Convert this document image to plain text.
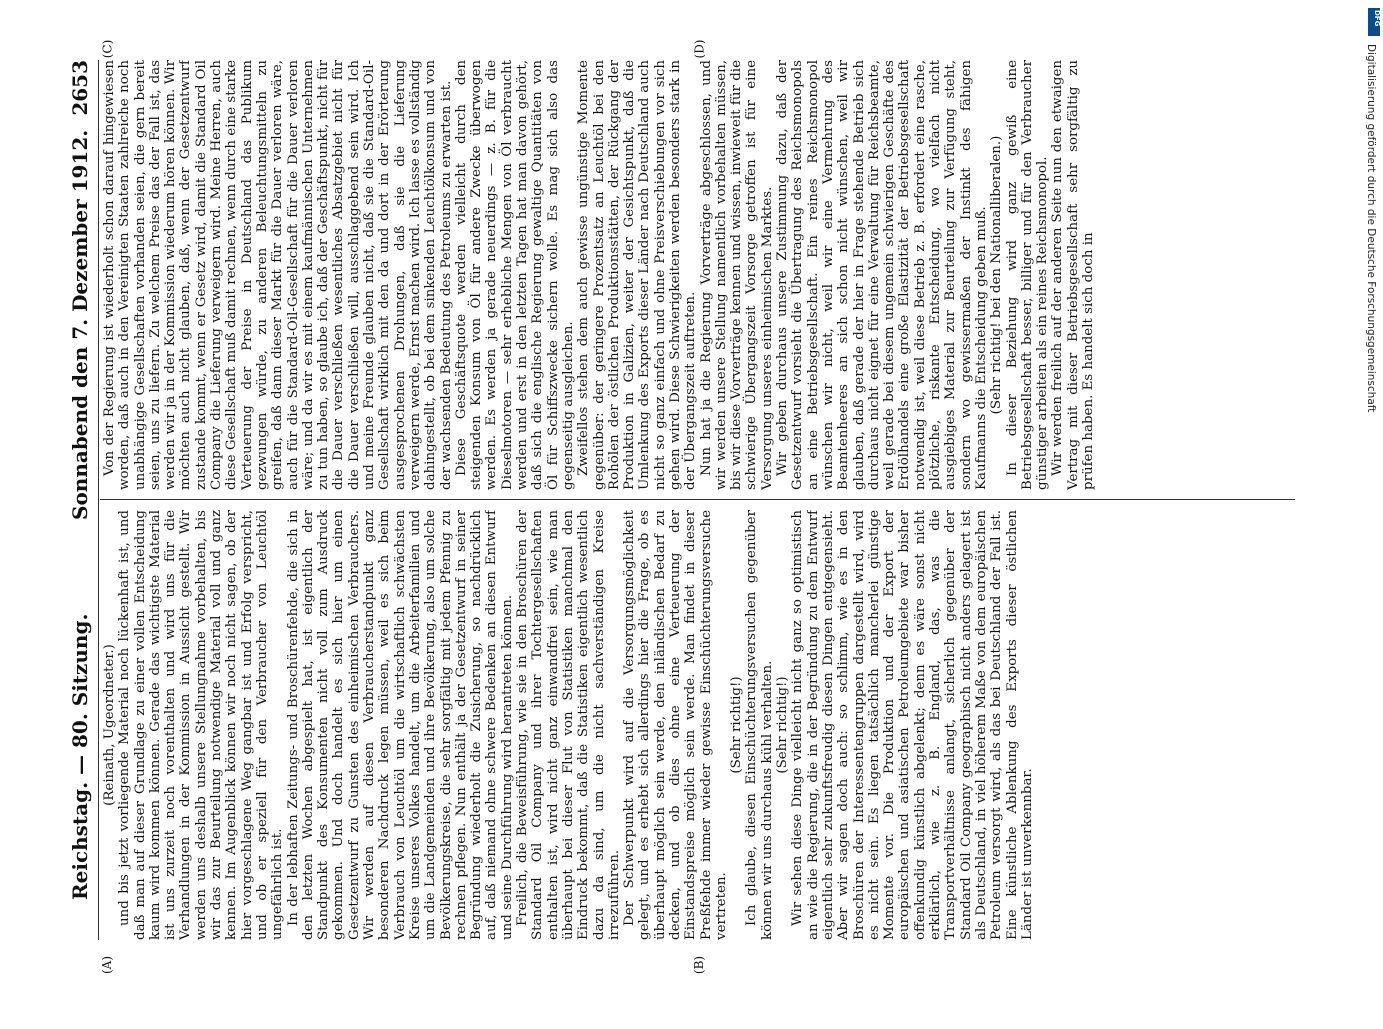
Reichstag. — 80. Sitzung.
Sonnabend den 7. Dezember 1912.
2653

(Reinath, Ugeordneter.) und bis jetzt vorliegende Material noch lückenhaft ist, und daß man auf dieser Grundlage zu einer vollen Entscheidung kaum wird kommen können. Gerade das wichtigste Material ist uns zurzeit noch vorenthalten und wird uns für die Verhandlungen in der Kommission in Aussicht gestellt. Wir werden uns deshalb unsere Stellungnahme vorbehalten, bis wir das zur Beurteilung notwendige Material voll und ganz kennen. Im Augenblick können wir noch nicht sagen, ob der hier vorgeschlagene Weg gangbar ist und Erfolg verspricht, und ob er speziell für den Verbraucher von Leuchtöl ungefährlich ist. In der lebhaften Zeitungs- und Broschürenfehde, die sich in den letzten Wochen abgespielt hat, ist eigentlich der Standpunkt des Konsumenten nicht voll zum Ausdruck gekommen. Und doch handelt es sich hier um einen Gesetzentwurf zu Gunsten des einheimischen Verbrauchers. Wir werden auf diesen Verbraucherstandpunkt ganz besonderen Nachdruck legen müssen, weil es sich beim Verbrauch von Leuchtöl um die wirtschaftlich schwächsten Kreise unseres Volkes handelt, um die Arbeiterfamilien und um die Landgemeinden und ihre Bevölkerung, also um solche Bevölkerungskreise, die sehr sorgfältig mit jedem Pfennig zu rechnen pflegen. Nun enthält ja der Gesetzentwurf in seiner Begründung wiederholt die Zusicherung, so nachdrücklich auf, daß niemand ohne schwere Bedenken an diesen Entwurf und seine Durchführung wird herantreten können. Freilich, die Beweisführung, wie sie in den Broschüren der Standard Oil Company und ihrer Tochtergesellschaften enthalten ist, wird nicht ganz einwandfrei sein, wie man überhaupt bei dieser Flut von Statistiken manchmal den Eindruck bekommt, daß die Statistiken eigentlich wesentlich dazu da sind, um die nicht sachverständigen Kreise irrezuführen. Der Schwerpunkt wird auf die Versorgungsmöglichkeit gelegt, und es erhebt sich allerdings hier die Frage, ob es überhaupt möglich sein werde, den inländischen Bedarf zu decken, und ob dies ohne eine Verteuerung der Einstandspreise möglich sein werde. Man findet in dieser Preßfehde immer wieder gewisse Einschüchterungsversuche vertreten.

(Sehr richtig!) Ich glaube, diesen Einschüchterungsversuchen gegenüber können wir uns durchaus kühl verhalten. (Sehr richtig!) Wir sehen diese Dinge vielleicht nicht ganz so optimistisch an wie die Regierung, die in der Begründung zu dem Entwurf eigentlich sehr zukunftsfreudig diesen Dingen entgegensieht. Aber wir sagen doch auch: so schlimm, wie es in den Broschüren der Interessentengruppen dargestellt wird, wird es nicht sein. Es liegen tatsächlich mancherlei günstige Momente vor. Die Produktion und der Export der europäischen und asiatischen Petroleumgebiete war bisher offenkundig künstlich abgelenkt; denn es wäre sonst nicht erklärlich, wie z. B. England, das, was die Transportverhältnisse anlangt, sicherlich gegenüber der Standard Oil Company geographisch nicht anders gelagert ist als Deutschland, in viel höherem Maße von dem europäischen Petroleum versorgt wird, als das bei Deutschland der Fall ist. Eine künstliche Ablenkung des Exports dieser östlichen Länder ist unverkennbar.

Von der Regierung ist wiederholt schon darauf hingewiesen worden, daß auch in den Vereinigten Staaten zahlreiche noch unabhängige Gesellschaften vorhanden seien, die gern bereit seien, uns zu liefern. Zu welchem Preise das der Fall ist, das werden wir ja in der Kommission wiederum hören können. Wir möchten auch nicht glauben, daß, wenn der Gesetzentwurf zustande kommt, wenn er Gesetz wird, damit die Standard Oil Company die Lieferung verweigern wird. Meine Herren, auch diese Gesellschaft muß damit rechnen, wenn durch eine starke Verteuerung der Preise in Deutschland das Publikum gezwungen würde, zu anderen Beleuchtungsmitteln zu greifen, daß dann dieser Markt für die Dauer verloren wäre, auch für die Standard-Oil-Gesellschaft für die Dauer verloren wäre; und da wir es mit einem kaufmännischen Unternehmen zu tun haben, so glaube ich, daß der Geschäftspunkt, nicht für die Dauer verschließen wesentliches Absatzgebiet nicht für die Dauer verschließen will, ausschlaggebend sein wird. Ich und meine Freunde glauben nicht, daß sie die Standard-Oil-Gesellschaft wirklich mit den da und dort in der Erörterung ausgesprochenen Drohungen, daß sie die Lieferung verweigern werde, Ernst machen wird. Ich lasse es vollständig dahingestellt, ob bei dem sinkenden Leuchtölkonsum und von der wachsenden Bedeutung des Petroleums zu erwarten ist. Diese Geschäftsquote werden vielleicht durch den steigenden Konsum von Öl für andere Zwecke überwogen werden. Es werden ja gerade neuerdings — z. B. für die Dieselmotoren — sehr erhebliche Mengen von Öl verbraucht werden und erst in den letzten Tagen hat man davon gehört, daß sich die englische Regierung gewaltige Quantitäten von Öl für Schiffszwecke sichern wolle. Es mag sich also das gegenseitig ausgleichen. Zweifellos stehen dem auch gewisse ungünstige Momente gegenüber: der geringere Prozentsatz an Leuchtöl bei den Rohölen der östlichen Produktionsstätten, der Rückgang der Produktion in Galizien, weiter der Gesichtspunkt, daß die Umlenkung des Exports dieser Länder nach Deutschland auch nicht so ganz einfach und ohne Preisverschiebungen vor sich gehen wird. Diese Schwierigkeiten werden besonders stark in der Übergangszeit auftreten. Nun hat ja die Regierung Vorverträge abgeschlossen, und wir werden unsere Stellung namentlich vorbehalten müssen, bis wir diese Vorverträge kennen und wissen, inwieweit für die schwierige Übergangszeit Vorsorge getroffen ist für eine Versorgung unseres einheimischen Marktes. Wir geben durchaus unsere Zustimmung dazu, daß der Gesetzentwurf vorsieht die Übertragung des Reichsmonopols an eine Betriebsgesellschaft. Ein reines Reichsmonopol wünschen wir nicht, weil wir eine Vermehrung des Beamtenheeres an sich schon nicht wünschen, weil wir glauben, daß gerade der hier in Frage stehende Betrieb sich durchaus nicht eignet für eine Verwaltung für Reichsbeamte, weil gerade bei diesem ungemein schwierigen Geschäfte des Erdölhandels eine große Elastizität der Betriebsgesellschaft notwendig ist, weil diese Betrieb z. B. erfordert eine rasche, plötzliche, riskante Entscheidung, wo vielfach nicht ausgiebiges Material zur Beurteilung zur Verfügung steht, sondern wo gewissermaßen der Instinkt des fähigen Kaufmanns die Entscheidung geben muß. (Sehr richtig! bei den Nationalliberalen.) In dieser Beziehung wird ganz gewiß eine Betriebsgesellschaft besser, billiger und für den Verbraucher günstiger arbeiten als ein reines Reichsmonopol. Wir werden freilich auf der anderen Seite nun den etwaigen Vertrag mit dieser Betriebsgesellschaft sehr sorgfältig zu prüfen haben. Es handelt sich doch in

(A)	(B)
(C)	(D)
DFG
Digitalisierung gefördert durch die Deutsche Forschungsgemeinschaft
